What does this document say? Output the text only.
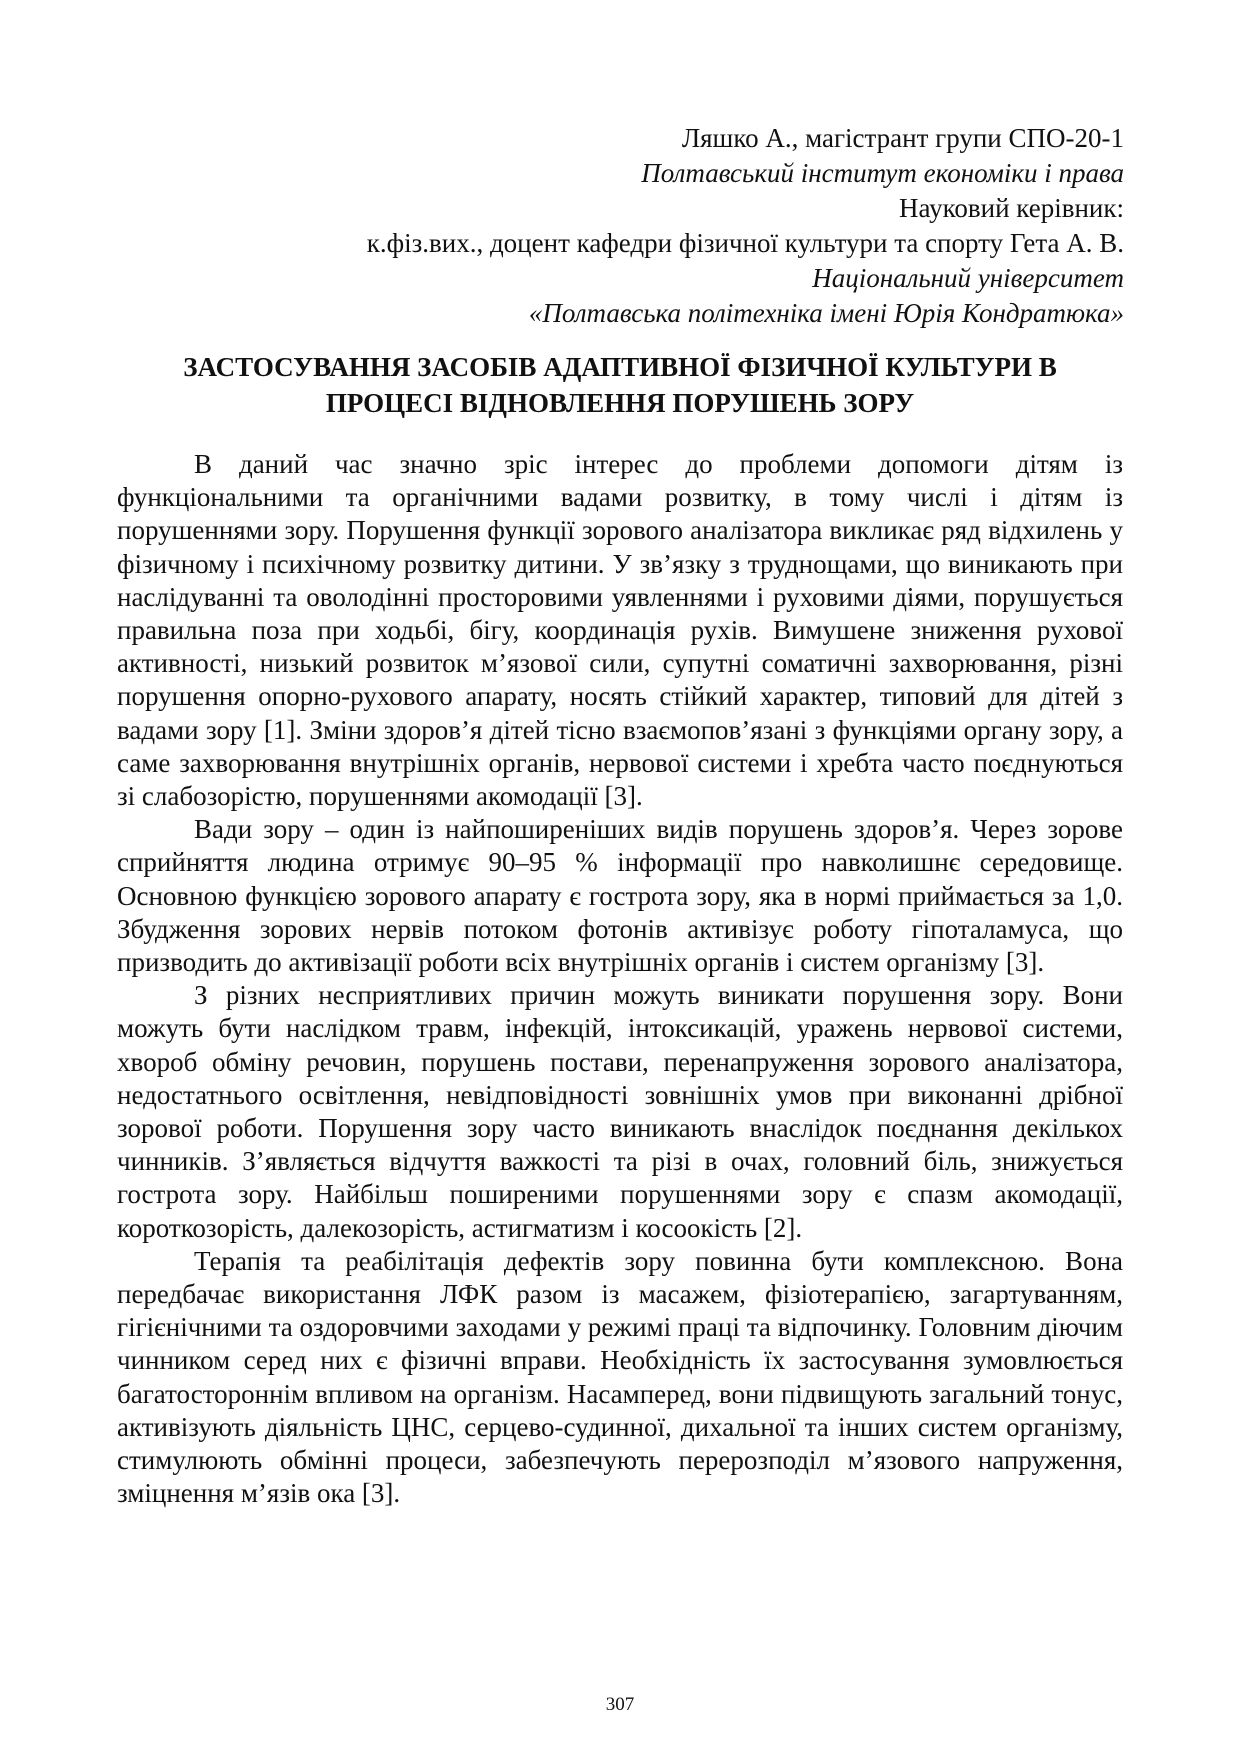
Ляшко А., магістрант групи СПО-20-1
Полтавський інститут економіки і права
Науковий керівник:
к.фіз.вих., доцент кафедри фізичної культури та спорту Гета А. В.
Національний університет
«Полтавська політехніка імені Юрія Кондратюка»
ЗАСТОСУВАННЯ ЗАСОБІВ АДАПТИВНОЇ ФІЗИЧНОЇ КУЛЬТУРИ В
ПРОЦЕСІ ВІДНОВЛЕННЯ ПОРУШЕНЬ ЗОРУ

В даний час значно зріс інтерес до проблеми допомоги дітям із функціональними та органічними вадами розвитку, в тому числі і дітям із порушеннями зору. Порушення функції зорового аналізатора викликає ряд відхилень у фізичному і психічному розвитку дитини. У зв’язку з труднощами, що виникають при наслідуванні та оволодінні просторовими уявленнями і руховими діями, порушується правильна поза при ходьбі, бігу, координація рухів. Вимушене зниження рухової активності, низький розвиток м’язової сили, супутні соматичні захворювання, різні порушення опорно-рухового апарату, носять стійкий характер, типовий для дітей з вадами зору [1]. Зміни здоров’я дітей тісно взаємопов’язані з функціями органу зору, а саме захворювання внутрішніх органів, нервової системи і хребта часто поєднуються зі слабозорістю, порушеннями акомодації [3].

Вади зору – один із найпоширеніших видів порушень здоров’я. Через зорове сприйняття людина отримує 90–95 % інформації про навколишнє середовище. Основною функцією зорового апарату є гострота зору, яка в нормі приймається за 1,0. Збудження зорових нервів потоком фотонів активізує роботу гіпоталамуса, що призводить до активізації роботи всіх внутрішніх органів і систем організму [3].

З різних несприятливих причин можуть виникати порушення зору. Вони можуть бути наслідком травм, інфекцій, інтоксикацій, уражень нервової системи, хвороб обміну речовин, порушень постави, перенапруження зорового аналізатора, недостатнього освітлення, невідповідності зовнішніх умов при виконанні дрібної зорової роботи. Порушення зору часто виникають внаслідок поєднання декількох чинників. З’являється відчуття важкості та різі в очах, головний біль, знижується гострота зору. Найбільш поширеними порушеннями зору є спазм акомодації, короткозорість, далекозорість, астигматизм і косоокість [2].

Терапія та реабілітація дефектів зору повинна бути комплексною. Вона передбачає використання ЛФК разом із масажем, фізіотерапією, загартуванням, гігієнічними та оздоровчими заходами у режимі праці та відпочинку. Головним діючим чинником серед них є фізичні вправи. Необхідність їх застосування зумовлюється багатостороннім впливом на організм. Насамперед, вони підвищують загальний тонус, активізують діяльність ЦНС, серцево-судинної, дихальної та інших систем організму, стимулюють обмінні процеси, забезпечують перерозподіл м’язового напруження, зміцнення м’язів ока [3].

307
